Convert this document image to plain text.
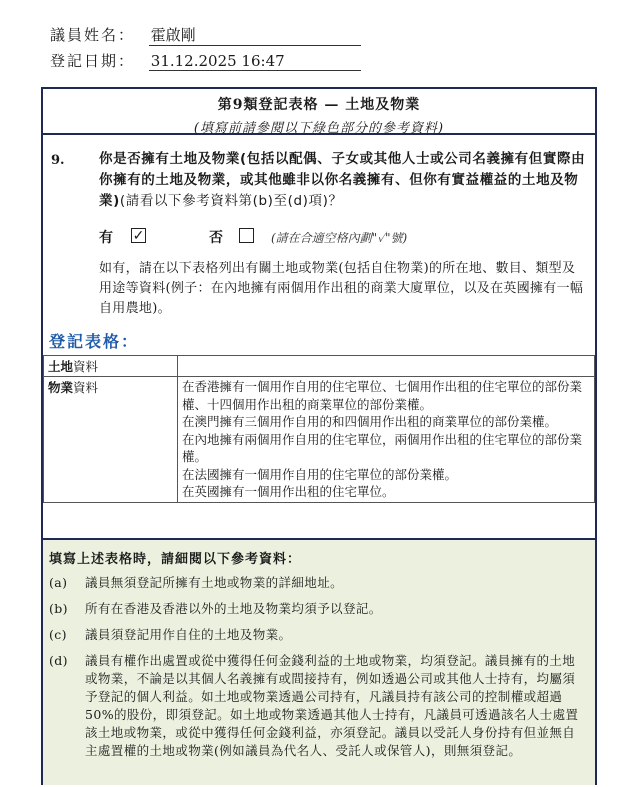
議員姓名： 霍啟剛
登記日期： 31.12.2025 16:47
第9類登記表格 — 土地及物業
(填寫前請參閱以下綠色部分的參考資料)
9.	你是否擁有土地及物業(包括以配偶、子女或其他人士或公司名義擁有但實際由你擁有的土地及物業，或其他雖非以你名義擁有、但你有實益權益的土地及物業)(請看以下參考資料第(b)至(d)項)？
有 ✓	否	(請在合適空格內劃"✓"號)
如有，請在以下表格列出有關土地或物業(包括自住物業)的所在地、數目、類型及用途等資料(例子：在內地擁有兩個用作出租的商業大廈單位，以及在英國擁有一幅自用農地)。
登記表格：
土地資料	
物業資料	在香港擁有一個用作自用的住宅單位、七個用作出租的住宅單位的部份業權、十四個用作出租的商業單位的部份業權。
在澳門擁有三個用作自用的和四個用作出租的商業單位的部份業權。
在內地擁有兩個用作自用的住宅單位，兩個用作出租的住宅單位的部份業權。
在法國擁有一個用作自用的住宅單位的部份業權。
在英國擁有一個用作出租的住宅單位。
填寫上述表格時，請細閱以下參考資料：
(a) 議員無須登記所擁有土地或物業的詳細地址。
(b) 所有在香港及香港以外的土地及物業均須予以登記。
(c) 議員須登記用作自住的土地及物業。
(d) 議員有權作出處置或從中獲得任何金錢利益的土地或物業，均須登記。議員擁有的土地或物業，不論是以其個人名義擁有或間接持有，例如透過公司或其他人士持有，均屬須予登記的個人利益。如土地或物業透過公司持有，凡議員持有該公司的控制權或超過50%的股份，即須登記。如土地或物業透過其他人士持有，凡議員可透過該名人士處置該土地或物業，或從中獲得任何金錢利益，亦須登記。議員以受託人身份持有但並無自主處置權的土地或物業(例如議員為代名人、受託人或保管人)，則無須登記。
